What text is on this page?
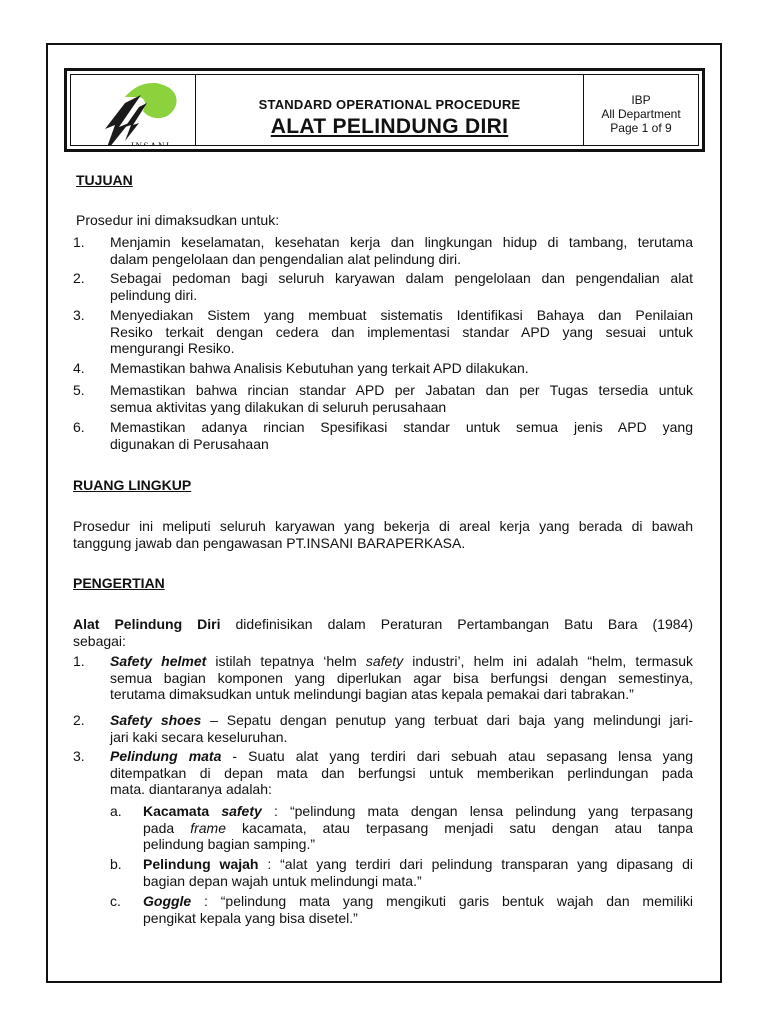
INSANI
STANDARD OPERATIONAL PROCEDURE
ALAT PELINDUNG DIRI
IBP
All Department
Page 1 of 9
TUJUAN
Prosedur ini dimaksudkan untuk:
1. Menjamin keselamatan, kesehatan kerja dan lingkungan hidup di tambang, terutama
dalam pengelolaan dan pengendalian alat pelindung diri.
2. Sebagai pedoman bagi seluruh karyawan dalam pengelolaan dan pengendalian alat
pelindung diri.
3. Menyediakan Sistem yang membuat sistematis Identifikasi Bahaya dan Penilaian
Resiko terkait dengan cedera dan implementasi standar APD yang sesuai untuk
mengurangi Resiko.
4. Memastikan bahwa Analisis Kebutuhan yang terkait APD dilakukan.
5. Memastikan bahwa rincian standar APD per Jabatan dan per Tugas tersedia untuk
semua aktivitas yang dilakukan di seluruh perusahaan
6. Memastikan adanya rincian Spesifikasi standar untuk semua jenis APD yang
digunakan di Perusahaan
RUANG LINGKUP
Prosedur ini meliputi seluruh karyawan yang bekerja di areal kerja yang berada di bawah
tanggung jawab dan pengawasan PT.INSANI BARAPERKASA.
PENGERTIAN
Alat Pelindung Diri didefinisikan dalam Peraturan Pertambangan Batu Bara (1984)
sebagai:
1. Safety helmet istilah tepatnya ‘helm safety industri’, helm ini adalah “helm, termasuk
semua bagian komponen yang diperlukan agar bisa berfungsi dengan semestinya,
terutama dimaksudkan untuk melindungi bagian atas kepala pemakai dari tabrakan.”
2. Safety shoes – Sepatu dengan penutup yang terbuat dari baja yang melindungi jari-
jari kaki secara keseluruhan.
3. Pelindung mata - Suatu alat yang terdiri dari sebuah atau sepasang lensa yang
ditempatkan di depan mata dan berfungsi untuk memberikan perlindungan pada
mata. diantaranya adalah:
a. Kacamata safety : “pelindung mata dengan lensa pelindung yang terpasang
pada frame kacamata, atau terpasang menjadi satu dengan atau tanpa
pelindung bagian samping.”
b. Pelindung wajah : “alat yang terdiri dari pelindung transparan yang dipasang di
bagian depan wajah untuk melindungi mata.”
c. Goggle : “pelindung mata yang mengikuti garis bentuk wajah dan memiliki
pengikat kepala yang bisa disetel.”
